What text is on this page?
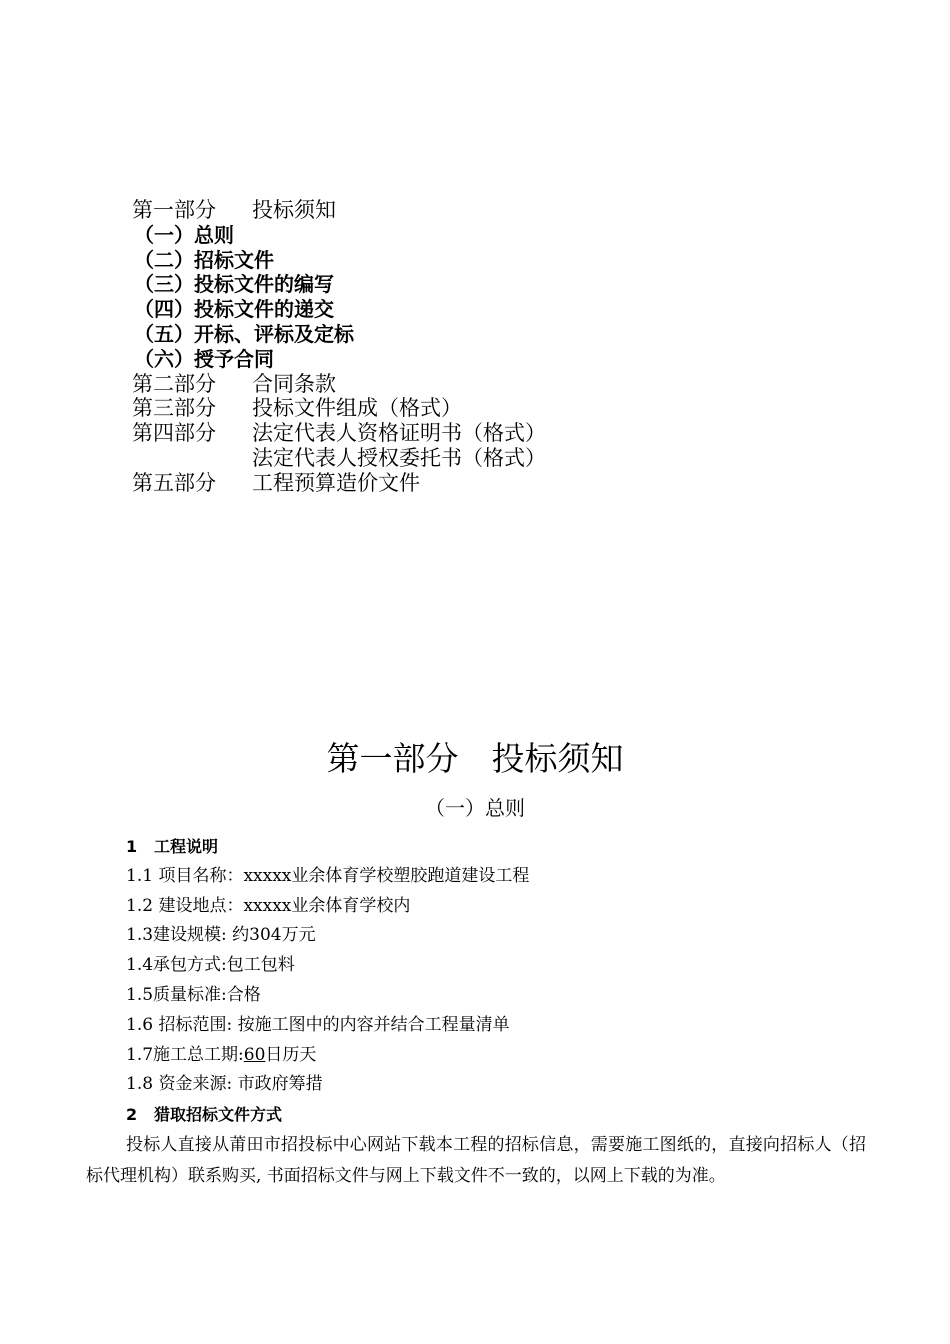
第一部分 投标须知
（一）总则
（二）招标文件
（三）投标文件的编写
（四）投标文件的递交
（五）开标、评标及定标
（六）授予合同
第二部分 合同条款
第三部分 投标文件组成（格式）
第四部分 法定代表人资格证明书（格式）
法定代表人授权委托书（格式）
第五部分 工程预算造价文件
第一部分　投标须知
（一）总则
1 工程说明
1.1 项目名称：xxxxx业余体育学校塑胶跑道建设工程
1.2 建设地点：xxxxx业余体育学校内
1.3建设规模: 约304万元
1.4承包方式:包工包料
1.5质量标准:合格
1.6 招标范围: 按施工图中的内容并结合工程量清单
1.7施工总工期:60日历天
1.8 资金来源: 市政府筹措
2 猎取招标文件方式

投标人直接从莆田市招投标中心网站下载本工程的招标信息，需要施工图纸的，直接向招标人（招标代理机构）联系购买, 书面招标文件与网上下载文件不一致的，以网上下载的为准。
